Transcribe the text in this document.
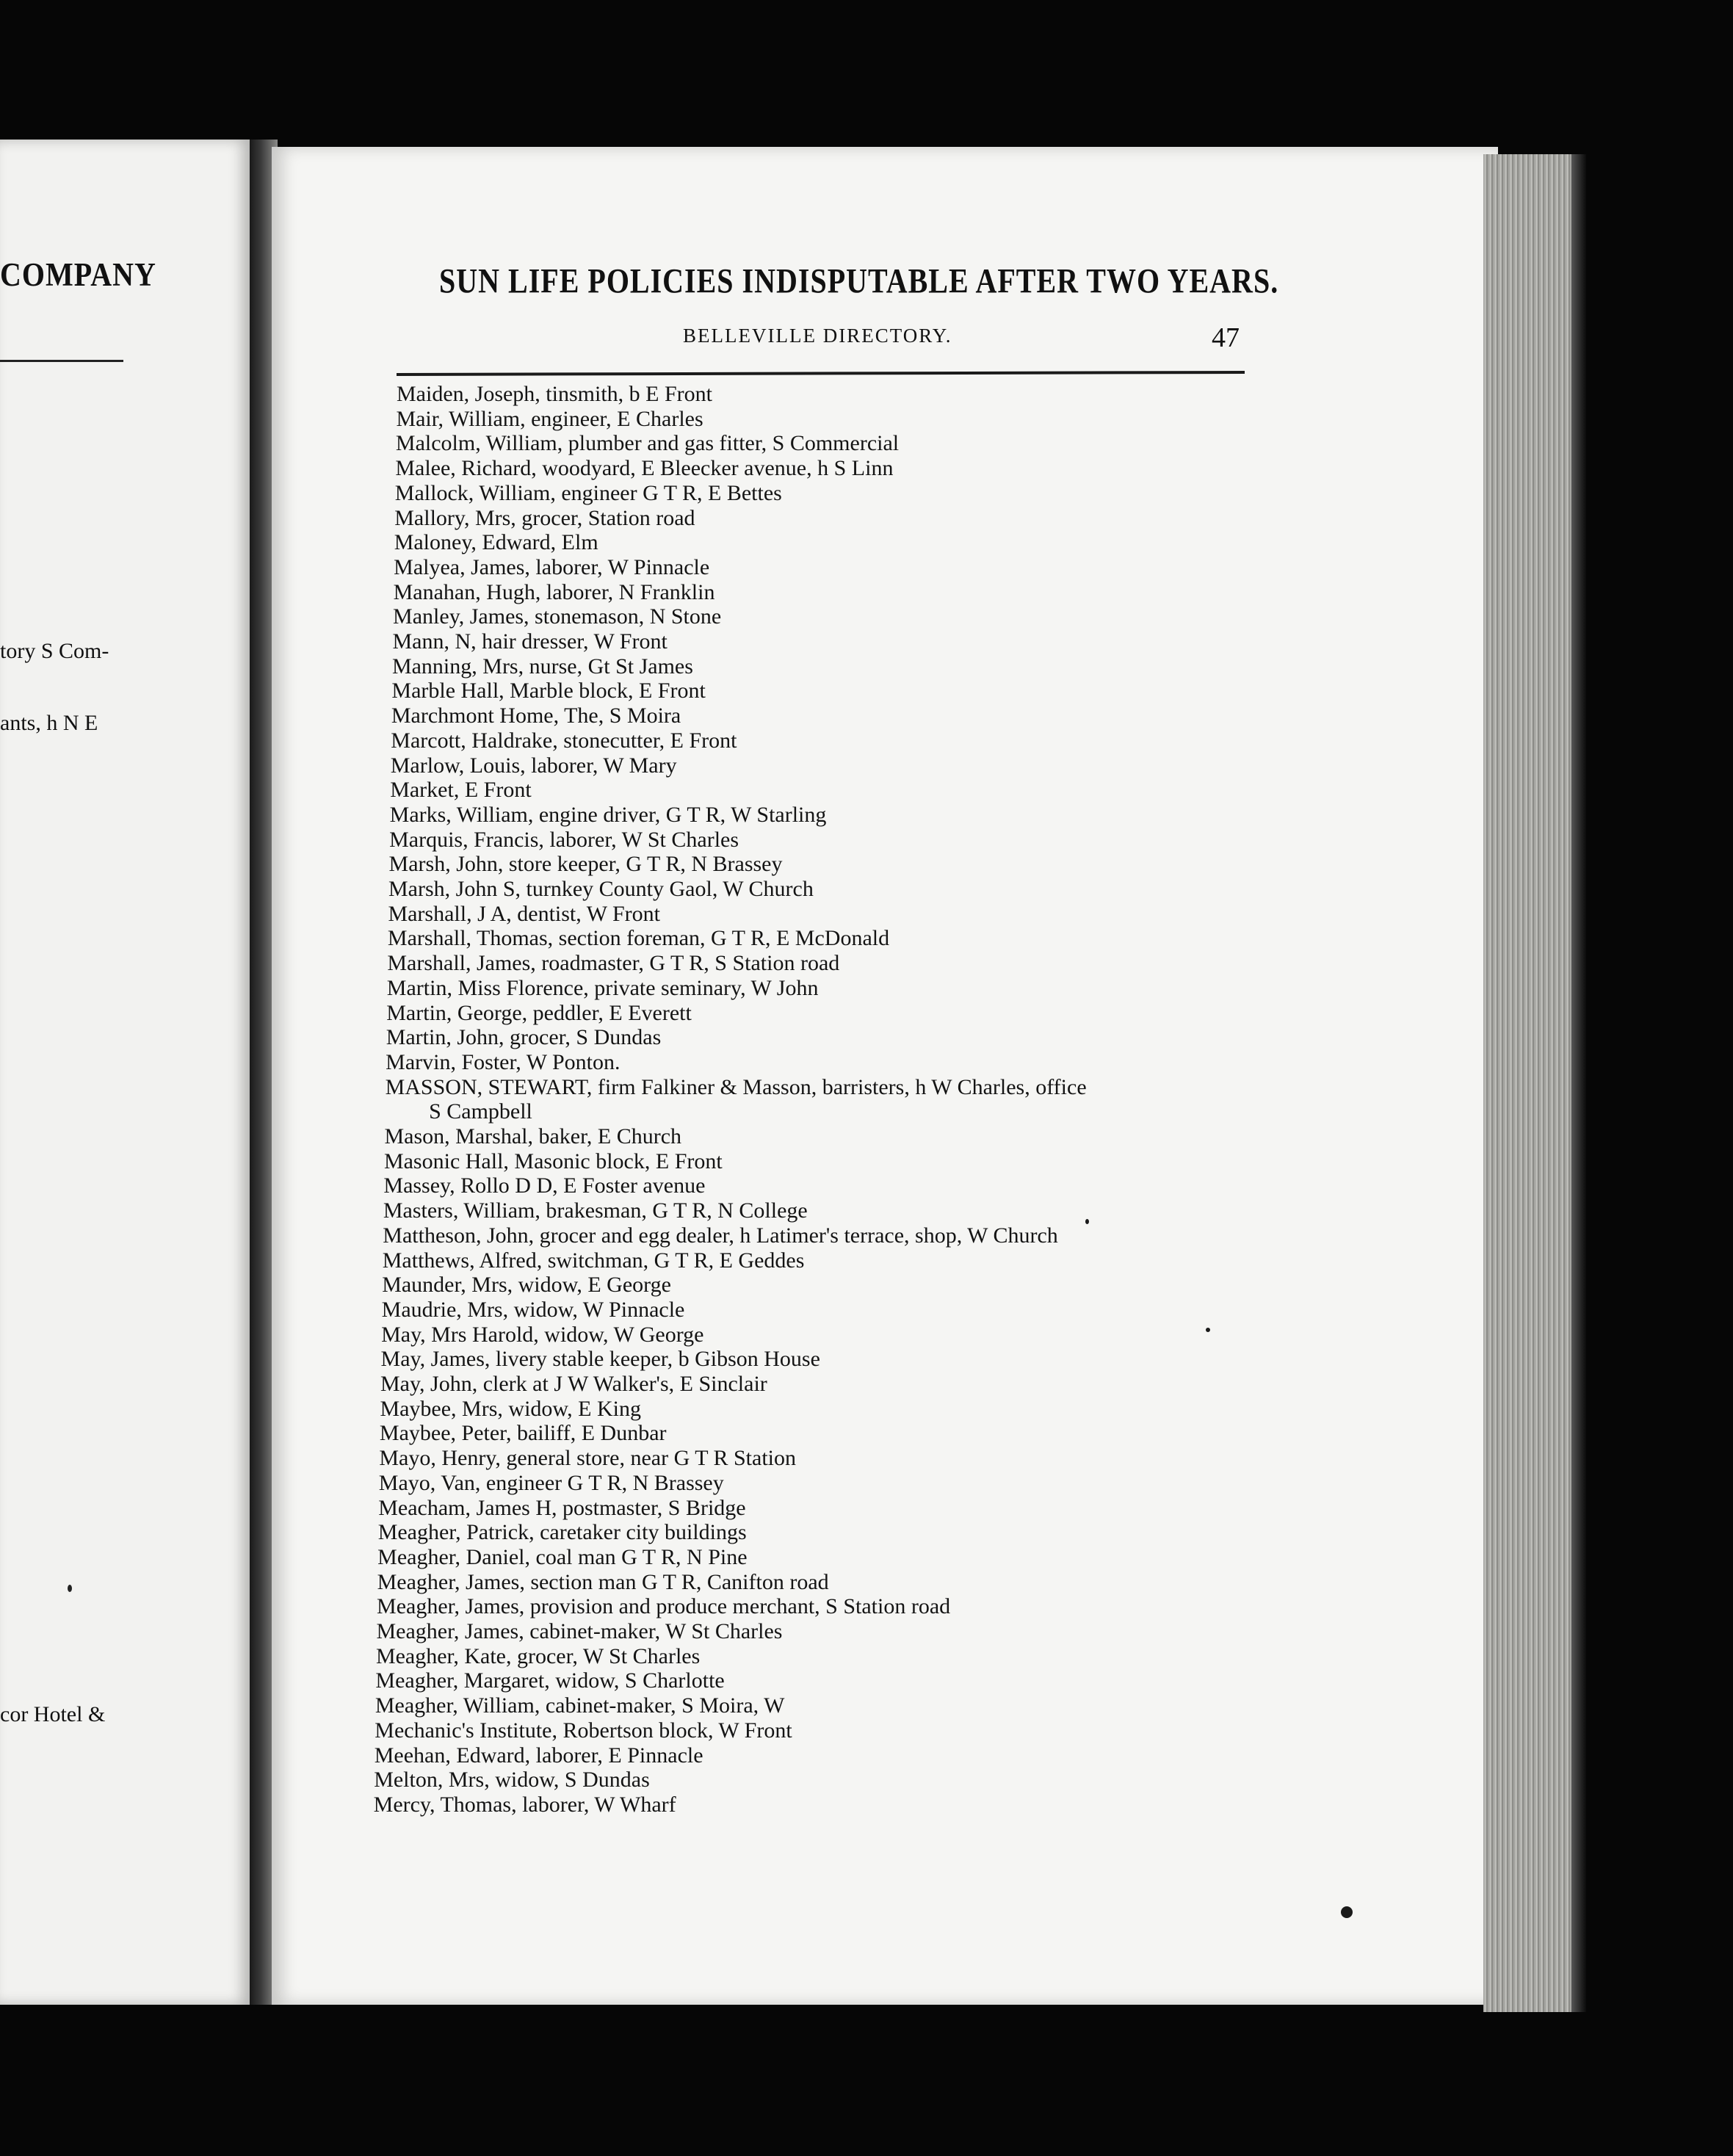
COMPANY
tory S Com-
ants, h N E
cor Hotel &
SUN LIFE POLICIES INDISPUTABLE AFTER TWO YEARS.
BELLEVILLE DIRECTORY.	47
Maiden, Joseph, tinsmith, b E Front
Mair, William, engineer, E Charles
Malcolm, William, plumber and gas fitter, S Commercial
Malee, Richard, woodyard, E Bleecker avenue, h S Linn
Mallock, William, engineer G T R, E Bettes
Mallory, Mrs, grocer, Station road
Maloney, Edward, Elm
Malyea, James, laborer, W Pinnacle
Manahan, Hugh, laborer, N Franklin
Manley, James, stonemason, N Stone
Mann, N, hair dresser, W Front
Manning, Mrs, nurse, Gt St James
Marble Hall, Marble block, E Front
Marchmont Home, The, S Moira
Marcott, Haldrake, stonecutter, E Front
Marlow, Louis, laborer, W Mary
Market, E Front
Marks, William, engine driver, G T R, W Starling
Marquis, Francis, laborer, W St Charles
Marsh, John, store keeper, G T R, N Brassey
Marsh, John S, turnkey County Gaol, W Church
Marshall, J A, dentist, W Front
Marshall, Thomas, section foreman, G T R, E McDonald
Marshall, James, roadmaster, G T R, S Station road
Martin, Miss Florence, private seminary, W John
Martin, George, peddler, E Everett
Martin, John, grocer, S Dundas
Marvin, Foster, W Ponton.
MASSON, STEWART, firm Falkiner & Masson, barristers, h W Charles, office
S Campbell
Mason, Marshal, baker, E Church
Masonic Hall, Masonic block, E Front
Massey, Rollo D D, E Foster avenue
Masters, William, brakesman, G T R, N College
Mattheson, John, grocer and egg dealer, h Latimer's terrace, shop, W Church
Matthews, Alfred, switchman, G T R, E Geddes
Maunder, Mrs, widow, E George
Maudrie, Mrs, widow, W Pinnacle
May, Mrs Harold, widow, W George
May, James, livery stable keeper, b Gibson House
May, John, clerk at J W Walker's, E Sinclair
Maybee, Mrs, widow, E King
Maybee, Peter, bailiff, E Dunbar
Mayo, Henry, general store, near G T R Station
Mayo, Van, engineer G T R, N Brassey
Meacham, James H, postmaster, S Bridge
Meagher, Patrick, caretaker city buildings
Meagher, Daniel, coal man G T R, N Pine
Meagher, James, section man G T R, Canifton road
Meagher, James, provision and produce merchant, S Station road
Meagher, James, cabinet-maker, W St Charles
Meagher, Kate, grocer, W St Charles
Meagher, Margaret, widow, S Charlotte
Meagher, William, cabinet-maker, S Moira, W
Mechanic's Institute, Robertson block, W Front
Meehan, Edward, laborer, E Pinnacle
Melton, Mrs, widow, S Dundas
Mercy, Thomas, laborer, W Wharf
